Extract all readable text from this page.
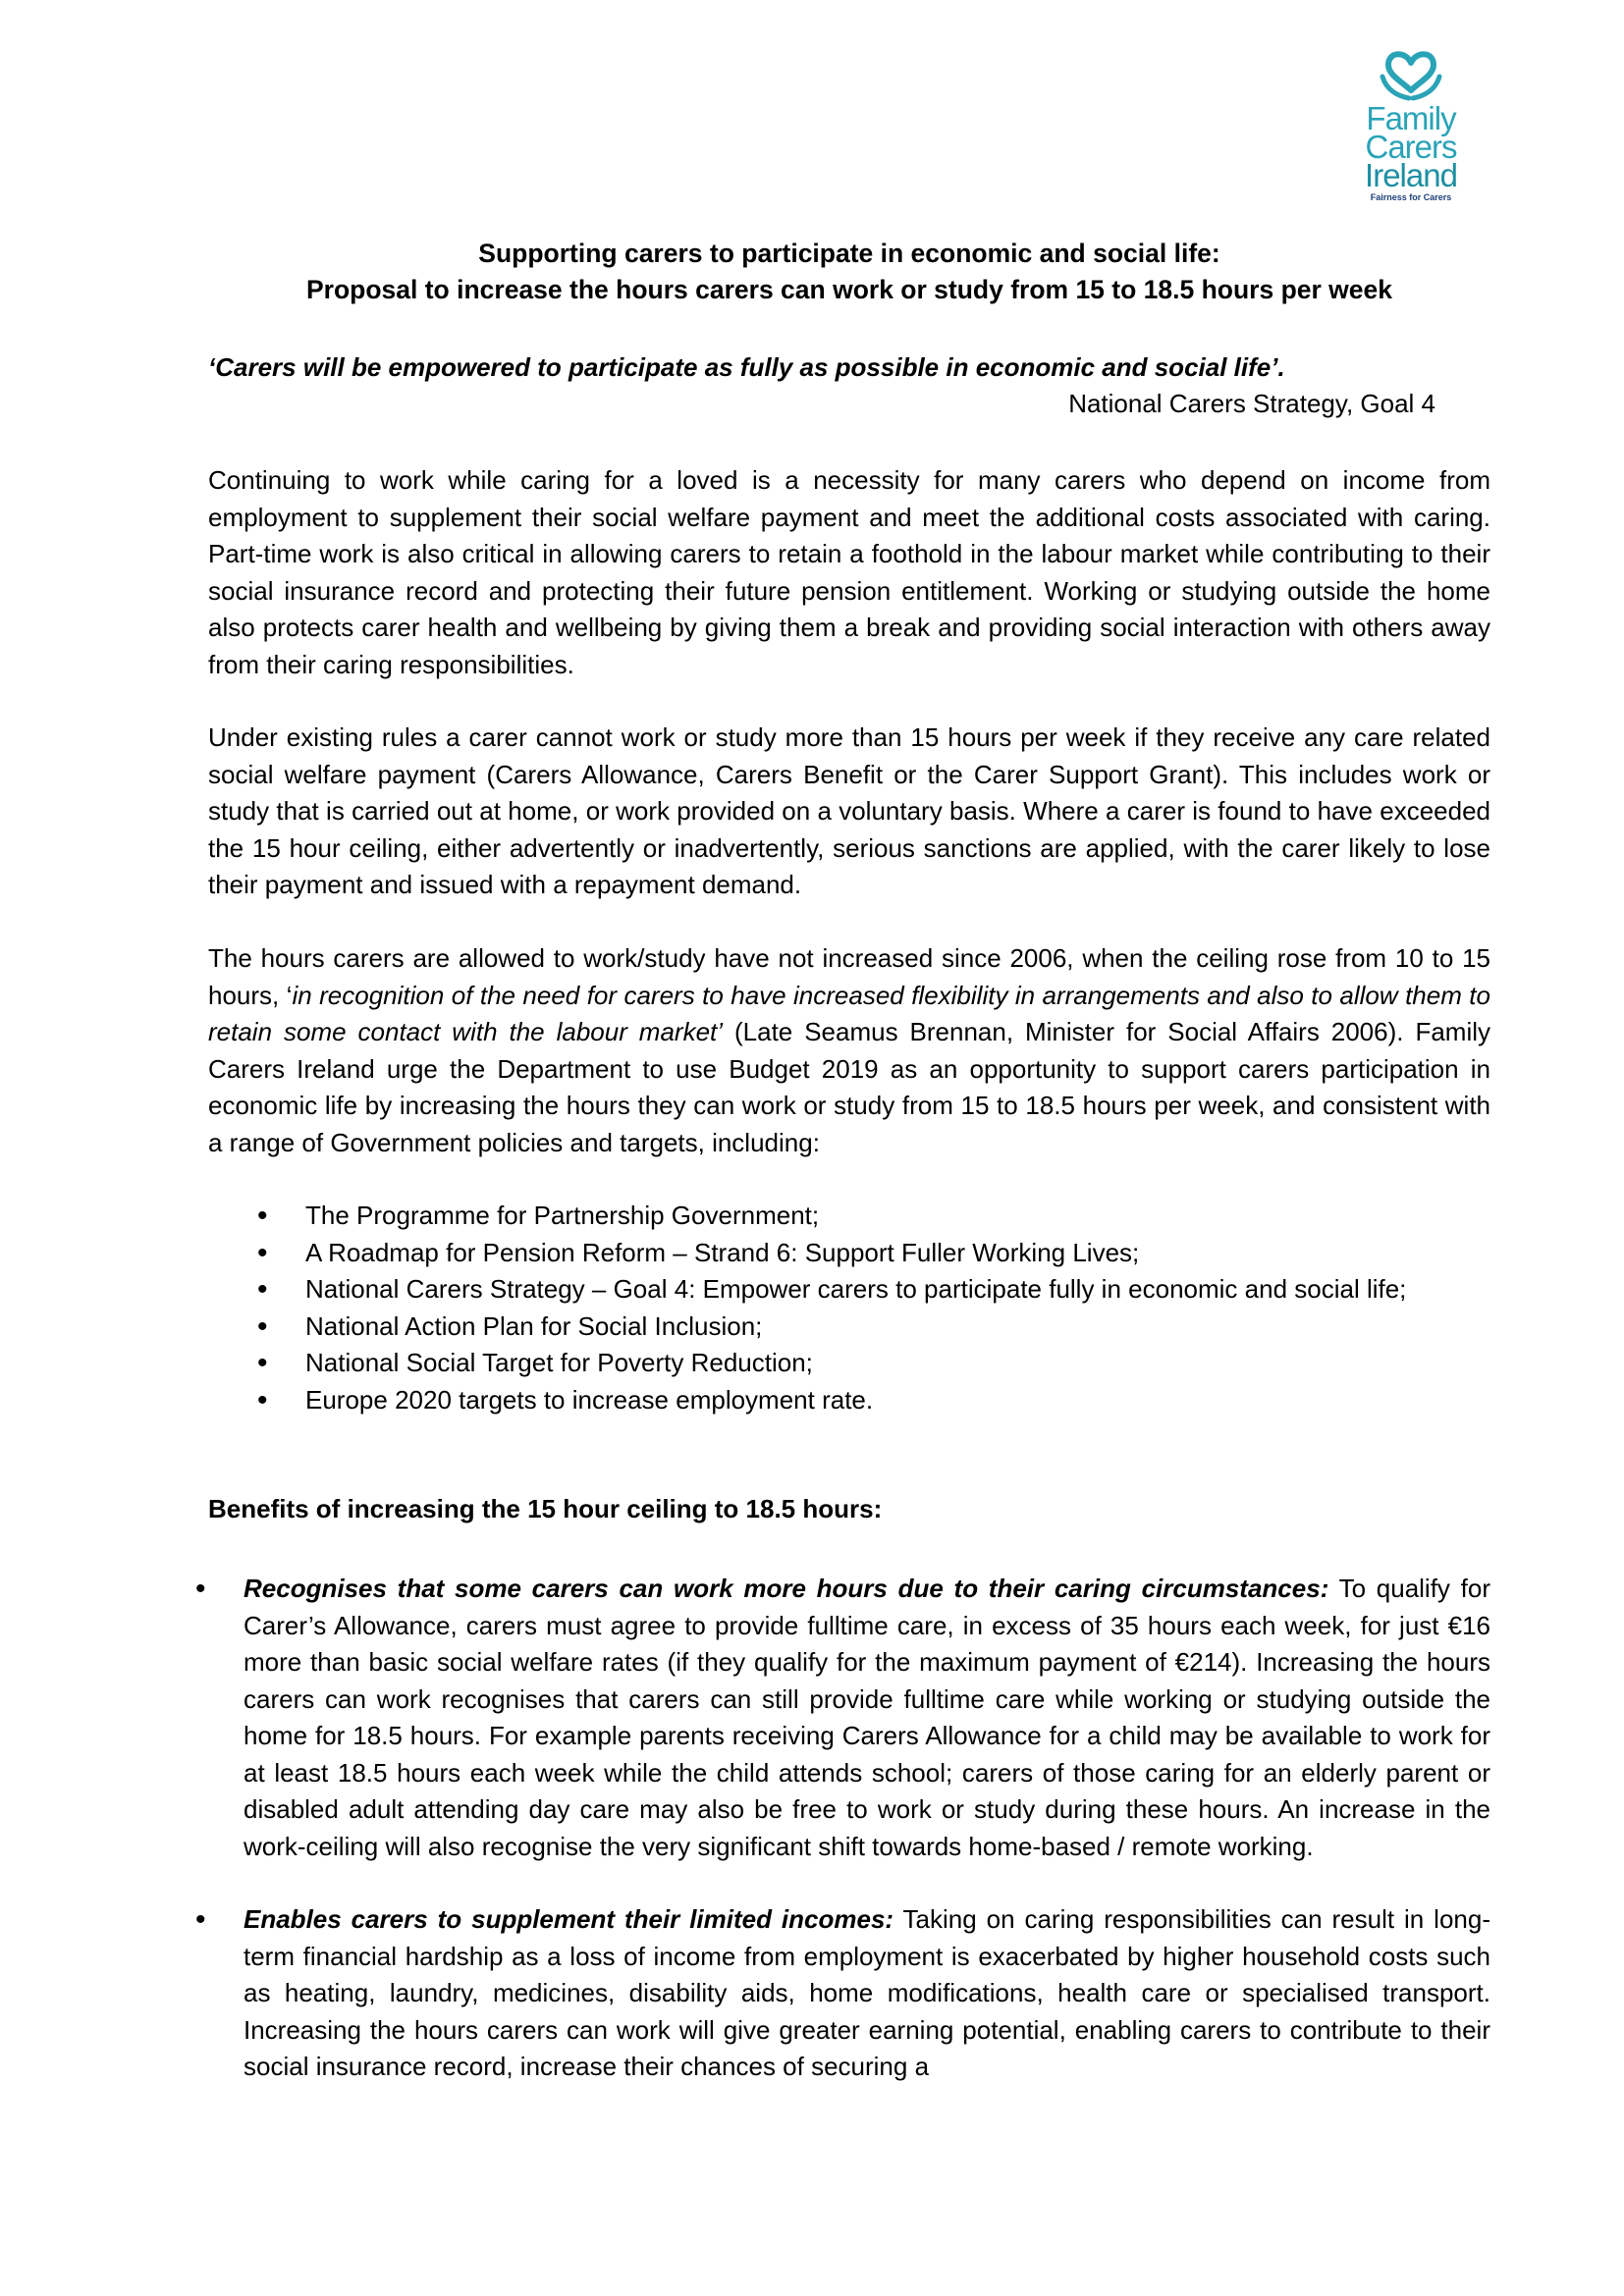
Family
Carers
Ireland
Fairness for Carers
Supporting carers to participate in economic and social life:
Proposal to increase the hours carers can work or study from 15 to 18.5 hours per week
‘Carers will be empowered to participate as fully as possible in economic and social life’.
National Carers Strategy, Goal 4

Continuing to work while caring for a loved is a necessity for many carers who depend on income from employment to supplement their social welfare payment and meet the additional costs associated with caring. Part-time work is also critical in allowing carers to retain a foothold in the labour market while contributing to their social insurance record and protecting their future pension entitlement. Working or studying outside the home also protects carer health and wellbeing by giving them a break and providing social interaction with others away from their caring responsibilities.

Under existing rules a carer cannot work or study more than 15 hours per week if they receive any care related social welfare payment (Carers Allowance, Carers Benefit or the Carer Support Grant). This includes work or study that is carried out at home, or work provided on a voluntary basis. Where a carer is found to have exceeded the 15 hour ceiling, either advertently or inadvertently, serious sanctions are applied, with the carer likely to lose their payment and issued with a repayment demand.

The hours carers are allowed to work/study have not increased since 2006, when the ceiling rose from 10 to 15 hours, ‘in recognition of the need for carers to have increased flexibility in arrangements and also to allow them to retain some contact with the labour market’ (Late Seamus Brennan, Minister for Social Affairs 2006). Family Carers Ireland urge the Department to use Budget 2019 as an opportunity to support carers participation in economic life by increasing the hours they can work or study from 15 to 18.5 hours per week, and consistent with a range of Government policies and targets, including:

• The Programme for Partnership Government;
• A Roadmap for Pension Reform – Strand 6: Support Fuller Working Lives;
• National Carers Strategy – Goal 4: Empower carers to participate fully in economic and social life;
• National Action Plan for Social Inclusion;
• National Social Target for Poverty Reduction;
• Europe 2020 targets to increase employment rate.
Benefits of increasing the 15 hour ceiling to 18.5 hours:
• Recognises that some carers can work more hours due to their caring circumstances: To qualify for Carer’s Allowance, carers must agree to provide fulltime care, in excess of 35 hours each week, for just €16 more than basic social welfare rates (if they qualify for the maximum payment of €214). Increasing the hours carers can work recognises that carers can still provide fulltime care while working or studying outside the home for 18.5 hours. For example parents receiving Carers Allowance for a child may be available to work for at least 18.5 hours each week while the child attends school; carers of those caring for an elderly parent or disabled adult attending day care may also be free to work or study during these hours. An increase in the work-ceiling will also recognise the very significant shift towards home-based / remote working.
• Enables carers to supplement their limited incomes: Taking on caring responsibilities can result in long-term financial hardship as a loss of income from employment is exacerbated by higher household costs such as heating, laundry, medicines, disability aids, home modifications, health care or specialised transport. Increasing the hours carers can work will give greater earning potential, enabling carers to contribute to their social insurance record, increase their chances of securing a
